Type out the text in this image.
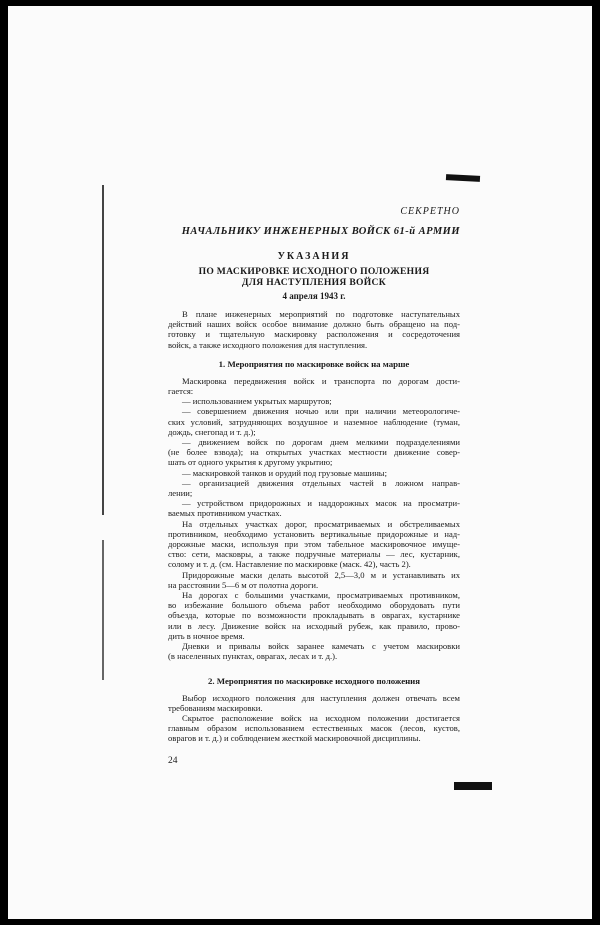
СЕКРЕТНО
НАЧАЛЬНИКУ ИНЖЕНЕРНЫХ ВОЙСК 61-й АРМИИ
УКАЗАНИЯ
ПО МАСКИРОВКЕ ИСХОДНОГО ПОЛОЖЕНИЯ
ДЛЯ НАСТУПЛЕНИЯ ВОЙСК
4 апреля 1943 г.
В плане инженерных мероприятий по подготовке наступательных
действий наших войск особое внимание должно быть обращено на под-
готовку и тщательную маскировку расположения и сосредоточения
войск, а также исходного положения для наступления.
1. Мероприятия по маскировке войск на марше
Маскировка передвижения войск и транспорта по дорогам дости-
гается:
— использованием укрытых маршрутов;
— совершением движения ночью или при наличии метеорологиче-
ских условий, затрудняющих воздушное и наземное наблюдение (туман,
дождь, снегопад и т. д.);
— движением войск по дорогам днем мелкими подразделениями
(не более взвода); на открытых участках местности движение совер-
шать от одного укрытия к другому укрытию;
— маскировкой танков и орудий под грузовые машины;
— организацией движения отдельных частей в ложном направ-
лении;
— устройством придорожных и наддорожных масок на просматри-
ваемых противником участках.
На отдельных участках дорог, просматриваемых и обстреливаемых
противником, необходимо установить вертикальные придорожные и над-
дорожные маски, используя при этом табельное маскировочное имуще-
ство: сети, масковры, а также подручные материалы — лес, кустарник,
солому и т. д. (см. Наставление по маскировке (маск. 42), часть 2).
Придорожные маски делать высотой 2,5—3,0 м и устанавливать их
на расстоянии 5—6 м от полотна дороги.
На дорогах с большими участками, просматриваемых противником,
во избежание большого объема работ необходимо оборудовать пути
объезда, которые по возможности прокладывать в оврагах, кустарнике
или в лесу. Движение войск на исходный рубеж, как правило, прово-
дить в ночное время.
Дневки и привалы войск заранее камечать с учетом маскировки
(в населенных пунктах, оврагах, лесах и т. д.).
2. Мероприятия по маскировке исходного положения
Выбор исходного положения для наступления должен отвечать всем
требованиям маскировки.
Скрытое расположение войск на исходном положении достигается
главным образом использованием естественных масок (лесов, кустов,
оврагов и т. д.) и соблюдением жесткой маскировочной дисциплины.
24
